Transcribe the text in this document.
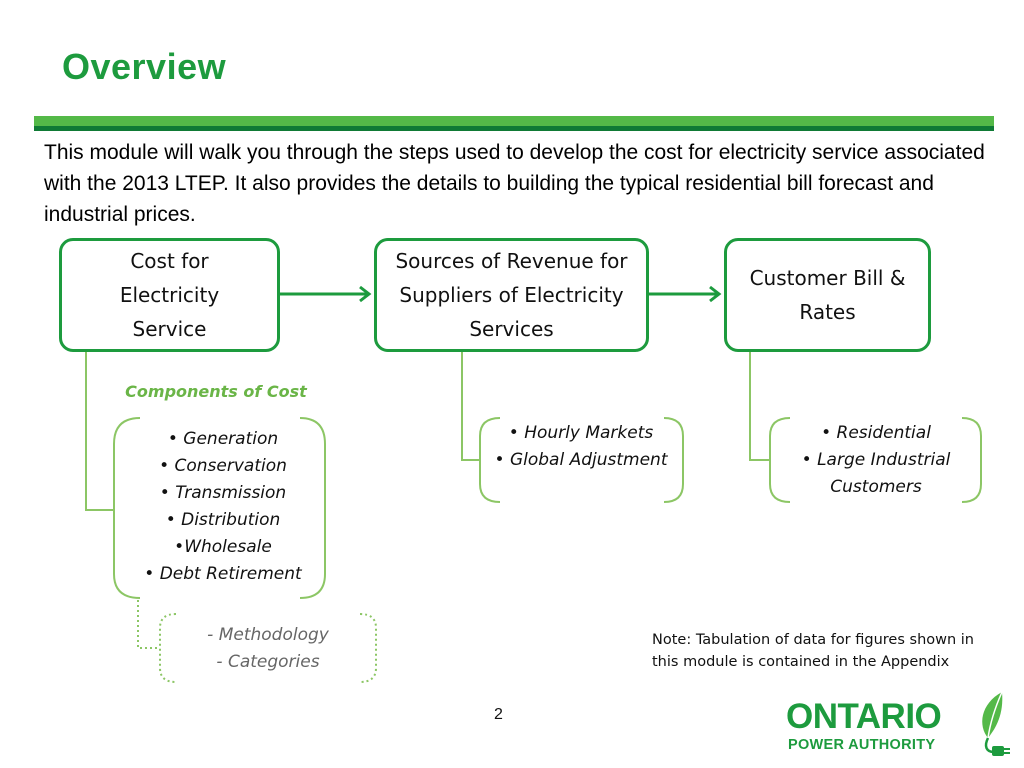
Overview

This module will walk you through the steps used to develop the cost for electricity service associated with the 2013 LTEP. It also provides the details to building the typical residential bill forecast and industrial prices.

Cost for Electricity Service
Sources of Revenue for Suppliers of Electricity Services
Customer Bill & Rates

Components of Cost

• Generation
• Conservation
• Transmission
• Distribution
•Wholesale
• Debt Retirement
• Hourly Markets
• Global Adjustment
• Residential
• Large Industrial Customers
- Methodology
- Categories

Note: Tabulation of data for figures shown in this module is contained in the Appendix

2	ONTARIO

POWER AUTHORITY
